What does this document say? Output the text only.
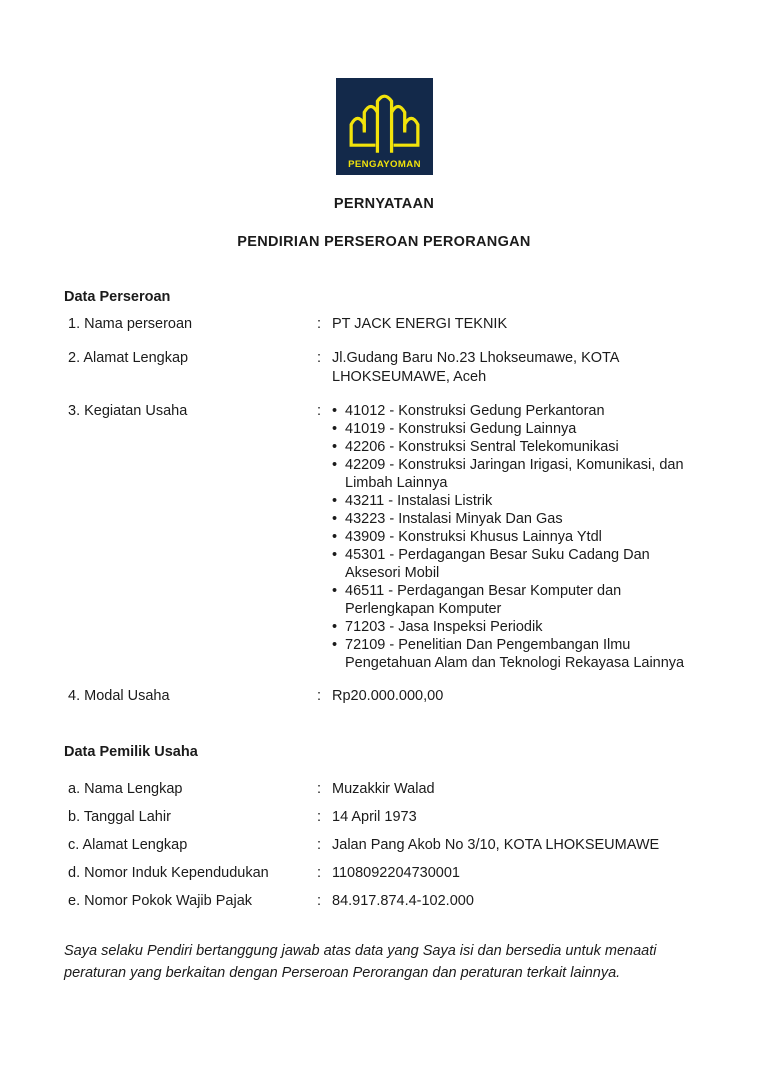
PENGAYOMAN
PERNYATAAN
PENDIRIAN PERSEROAN PERORANGAN
Data Perseroan
1. Nama perseroan	: PT JACK ENERGI TEKNIK
2. Alamat Lengkap	: Jl.Gudang Baru No.23 Lhokseumawe, KOTA LHOKSEUMAWE, Aceh
3. Kegiatan Usaha	: • 41012 - Konstruksi Gedung Perkantoran
• 41019 - Konstruksi Gedung Lainnya
• 42206 - Konstruksi Sentral Telekomunikasi
• 42209 - Konstruksi Jaringan Irigasi, Komunikasi, dan Limbah Lainnya
• 43211 - Instalasi Listrik
• 43223 - Instalasi Minyak Dan Gas
• 43909 - Konstruksi Khusus Lainnya Ytdl
• 45301 - Perdagangan Besar Suku Cadang Dan Aksesori Mobil
• 46511 - Perdagangan Besar Komputer dan Perlengkapan Komputer
• 71203 - Jasa Inspeksi Periodik
• 72109 - Penelitian Dan Pengembangan Ilmu Pengetahuan Alam dan Teknologi Rekayasa Lainnya
4. Modal Usaha	: Rp20.000.000,00
Data Pemilik Usaha
a. Nama Lengkap	: Muzakkir Walad
b. Tanggal Lahir	: 14 April 1973
c. Alamat Lengkap	: Jalan Pang Akob No 3/10, KOTA LHOKSEUMAWE
d. Nomor Induk Kependudukan	: 1108092204730001
e. Nomor Pokok Wajib Pajak	: 84.917.874.4-102.000

Saya selaku Pendiri bertanggung jawab atas data yang Saya isi dan bersedia untuk menaati peraturan yang berkaitan dengan Perseroan Perorangan dan peraturan terkait lainnya.
